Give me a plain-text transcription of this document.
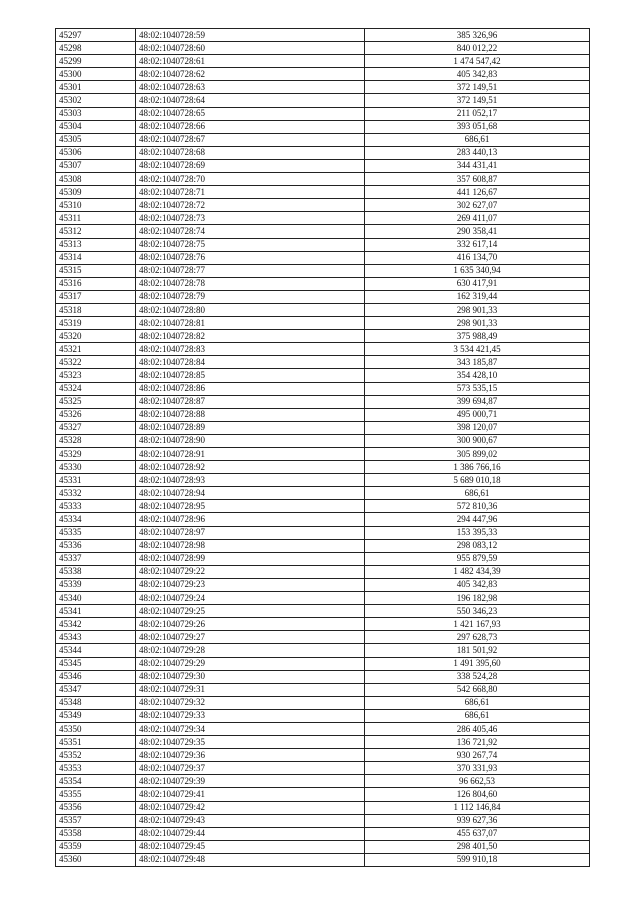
45297	48:02:1040728:59	385 326,96
45298	48:02:1040728:60	840 012,22
45299	48:02:1040728:61	1 474 547,42
45300	48:02:1040728:62	405 342,83
45301	48:02:1040728:63	372 149,51
45302	48:02:1040728:64	372 149,51
45303	48:02:1040728:65	211 052,17
45304	48:02:1040728:66	393 051,68
45305	48:02:1040728:67	686,61
45306	48:02:1040728:68	283 440,13
45307	48:02:1040728:69	344 431,41
45308	48:02:1040728:70	357 608,87
45309	48:02:1040728:71	441 126,67
45310	48:02:1040728:72	302 627,07
45311	48:02:1040728:73	269 411,07
45312	48:02:1040728:74	290 358,41
45313	48:02:1040728:75	332 617,14
45314	48:02:1040728:76	416 134,70
45315	48:02:1040728:77	1 635 340,94
45316	48:02:1040728:78	630 417,91
45317	48:02:1040728:79	162 319,44
45318	48:02:1040728:80	298 901,33
45319	48:02:1040728:81	298 901,33
45320	48:02:1040728:82	375 988,49
45321	48:02:1040728:83	3 534 421,45
45322	48:02:1040728:84	343 185,87
45323	48:02:1040728:85	354 428,10
45324	48:02:1040728:86	573 535,15
45325	48:02:1040728:87	399 694,87
45326	48:02:1040728:88	495 000,71
45327	48:02:1040728:89	398 120,07
45328	48:02:1040728:90	300 900,67
45329	48:02:1040728:91	305 899,02
45330	48:02:1040728:92	1 386 766,16
45331	48:02:1040728:93	5 689 010,18
45332	48:02:1040728:94	686,61
45333	48:02:1040728:95	572 810,36
45334	48:02:1040728:96	294 447,96
45335	48:02:1040728:97	153 395,33
45336	48:02:1040728:98	298 083,12
45337	48:02:1040728:99	955 879,59
45338	48:02:1040729:22	1 482 434,39
45339	48:02:1040729:23	405 342,83
45340	48:02:1040729:24	196 182,98
45341	48:02:1040729:25	550 346,23
45342	48:02:1040729:26	1 421 167,93
45343	48:02:1040729:27	297 628,73
45344	48:02:1040729:28	181 501,92
45345	48:02:1040729:29	1 491 395,60
45346	48:02:1040729:30	338 524,28
45347	48:02:1040729:31	542 668,80
45348	48:02:1040729:32	686,61
45349	48:02:1040729:33	686,61
45350	48:02:1040729:34	286 405,46
45351	48:02:1040729:35	136 721,92
45352	48:02:1040729:36	930 267,74
45353	48:02:1040729:37	370 331,93
45354	48:02:1040729:39	96 662,53
45355	48:02:1040729:41	126 804,60
45356	48:02:1040729:42	1 112 146,84
45357	48:02:1040729:43	939 627,36
45358	48:02:1040729:44	455 637,07
45359	48:02:1040729:45	298 401,50
45360	48:02:1040729:48	599 910,18
